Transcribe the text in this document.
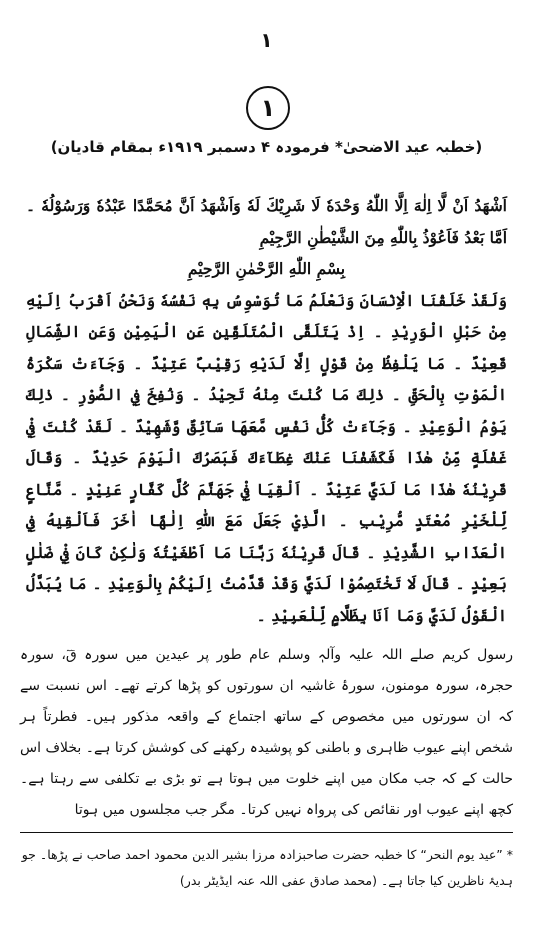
۱
۱
(خطبہ عید الاضحیٰ* فرمودہ ۴ دسمبر ۱۹۱۹ء بمقام قادیان)

اَشْهَدُ اَنْ لَّا اِلٰهَ اِلَّا اللّٰهُ وَحْدَهٗ لَا شَرِيْكَ لَهٗ وَاَشْهَدُ اَنَّ مُحَمَّدًا عَبْدُهٗ وَرَسُوْلُهٗ ۔ اَمَّا بَعْدُ فَاَعُوْذُ بِاللّٰهِ مِنَ الشَّيْطٰنِ الرَّجِيْمِ

بِسْمِ اللّٰهِ الرَّحْمٰنِ الرَّحِيْمِ

وَلَقَدْ خَلَقْنَا الْاِنْسَانَ وَنَعْلَمُ مَا تُوَسْوِسُ بِهٖ نَفْسُهٗ وَنَحْنُ اَقْرَبُ اِلَيْهِ مِنْ حَبْلِ الْوَرِيْدِ ۔ اِذْ يَتَلَقَّى الْمُتَلَقِّيٰنِ عَنِ الْيَمِيْنِ وَعَنِ الشِّمَالِ قَعِيْدٌ ۔ مَا يَلْفِظُ مِنْ قَوْلٍ اِلَّا لَدَيْهِ رَقِيْبٌ عَتِيْدٌ ۔ وَجَآءَتْ سَكْرَةُ الْمَوْتِ بِالْحَقِّ ۔ ذٰلِكَ مَا كُنْتَ مِنْهُ تَحِيْدُ ۔ وَنُفِخَ فِي الصُّوْرِ ۔ ذٰلِكَ يَوْمُ الْوَعِيْدِ ۔ وَجَآءَتْ كُلُّ نَفْسٍ مَّعَهَا سَآئِقٌ وَّشَهِيْدٌ ۔ لَقَدْ كُنْتَ فِيْ غَفْلَةٍ مِّنْ هٰذَا فَكَشَفْنَا عَنْكَ غِطَآءَكَ فَبَصَرُكَ الْيَوْمَ حَدِيْدٌ ۔ وَقَالَ قَرِيْنُهٗ هٰذَا مَا لَدَيَّ عَتِيْدٌ ۔ اَلْقِيَا فِيْ جَهَنَّمَ كُلَّ كَفَّارٍ عَنِيْدٍ ۔ مَّنَّاعٍ لِّلْخَيْرِ مُعْتَدٍ مُّرِيْبِ ۔ الَّذِيْ جَعَلَ مَعَ اللّٰهِ اِلٰهًا اٰخَرَ فَاَلْقِيٰهُ فِي الْعَذَابِ الشَّدِيْدِ ۔ قَالَ قَرِيْنُهٗ رَبَّنَا مَا اَطْغَيْتُهٗ وَلٰكِنْ كَانَ فِيْ ضَلٰلٍ بَعِيْدٍ ۔ قَالَ لَا تَخْتَصِمُوْا لَدَيَّ وَقَدْ قَدَّمْتُ اِلَيْكُمْ بِالْوَعِيْدِ ۔ مَا يُبَدَّلُ الْقَوْلُ لَدَيَّ وَمَا اَنَا بِظَلَّامٍ لِّلْعَبِيْدِ ۔

رسول کریم صلے اللہ علیہ وآلہٖ وسلم عام طور پر عیدین میں سورہ قٓ، سورہ حجرہ، سورہ مومنون، سورۂ غاشیہ ان سورتوں کو پڑھا کرتے تھے۔ اس نسبت سے کہ ان سورتوں میں مخصوص کے ساتھ اجتماع کے واقعہ مذکور ہیں۔ فطرتاً ہر شخص اپنے عیوب ظاہری و باطنی کو پوشیدہ رکھنے کی کوشش کرتا ہے۔ بخلاف اس حالت کے کہ جب مکان میں اپنے خلوت میں ہوتا ہے تو بڑی بے تکلفی سے رہتا ہے۔ کچھ اپنے عیوب اور نقائص کی پرواہ نہیں کرتا۔ مگر جب مجلسوں میں ہوتا
* ”عید یوم النحر“ کا خطبہ حضرت صاحبزادہ مرزا بشیر الدین محمود احمد صاحب نے پڑھا۔ جو ہدیۂ ناظرین کیا جاتا ہے۔ (محمد صادق عفی اللہ عنہ ایڈیٹر بدر)
